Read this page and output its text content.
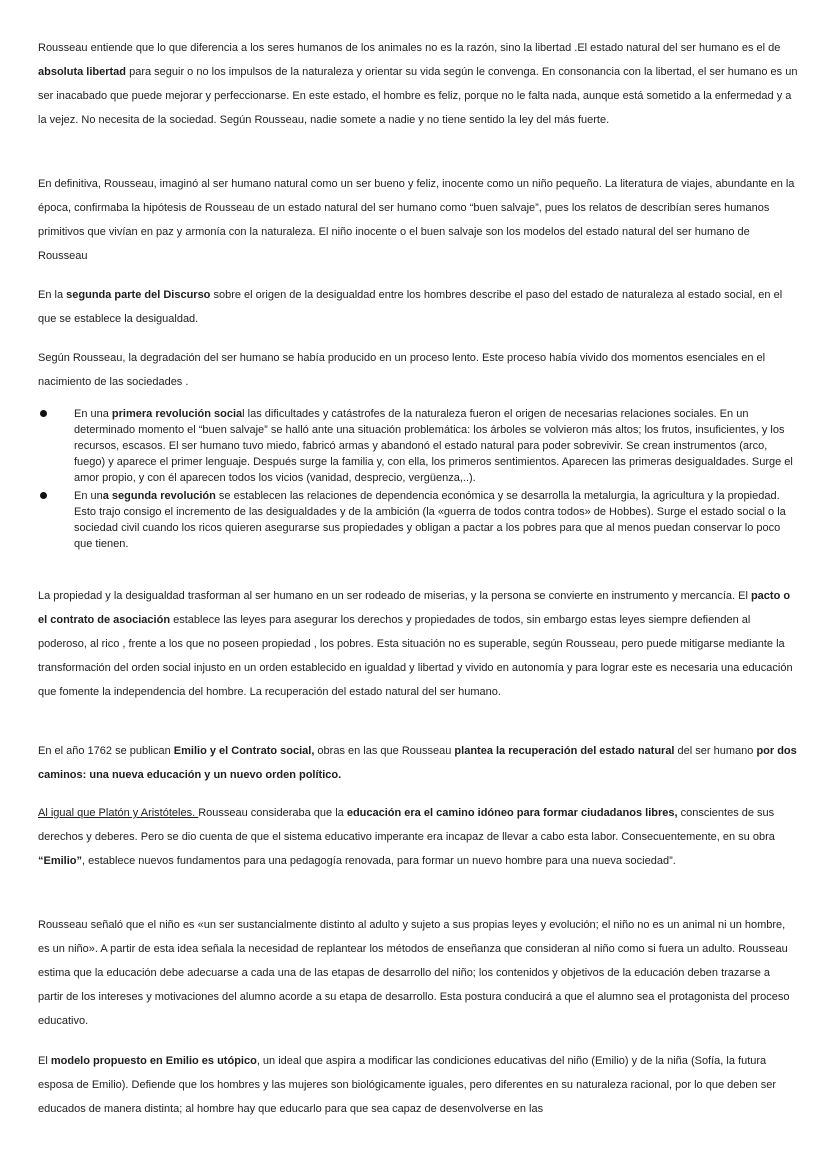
Rousseau entiende que lo que diferencia a los seres humanos de los animales no es la razón, sino la libertad .El estado natural del ser humano es el de absoluta libertad para seguir o no los impulsos de la naturaleza y orientar su vida según le convenga. En consonancia con la libertad, el ser humano es un ser inacabado que puede mejorar y perfeccionarse. En este estado, el hombre es feliz, porque no le falta nada, aunque está sometido a la enfermedad y a la vejez. No necesita de la sociedad. Según Rousseau, nadie somete a nadie y no tiene sentido la ley del más fuerte.

En definitiva, Rousseau, imaginó al ser humano natural como un ser bueno y feliz, inocente como un niño pequeño. La literatura de viajes, abundante en la época, confirmaba la hipótesis de Rousseau de un estado natural del ser humano como “buen salvaje”, pues los relatos de describían seres humanos primitivos que vivían en paz y armonía con la naturaleza. El niño inocente o el buen salvaje son los modelos del estado natural del ser humano de Rousseau

En la segunda parte del Discurso sobre el origen de la desigualdad entre los hombres describe el paso del estado de naturaleza al estado social, en el que se establece la desigualdad.

Según Rousseau, la degradación del ser humano se había producido en un proceso lento. Este proceso había vivido dos momentos esenciales en el nacimiento de las sociedades .

En una primera revolución social las dificultades y catástrofes de la naturaleza fueron el origen de necesarias relaciones sociales. En un determinado momento el “buen salvaje” se halló ante una situación problemática: los árboles se volvieron más altos; los frutos, insuficientes, y los recursos, escasos. El ser humano tuvo miedo, fabricó armas y abandonó el estado natural para poder sobrevivir. Se crean instrumentos (arco, fuego) y aparece el primer lenguaje. Después surge la familia y, con ella, los primeros sentimientos. Aparecen las primeras desigualdades. Surge el amor propio, y con él aparecen todos los vicios (vanidad, desprecio, vergüenza,..).
En una segunda revolución se establecen las relaciones de dependencia económica y se desarrolla la metalurgia, la agricultura y la propiedad. Esto trajo consigo el incremento de las desigualdades y de la ambición (la «guerra de todos contra todos» de Hobbes). Surge el estado social o la sociedad civil cuando los ricos quieren asegurarse sus propiedades y obligan a pactar a los pobres para que al menos puedan conservar lo poco que tienen.

La propiedad y la desigualdad trasforman al ser humano en un ser rodeado de miserias, y la persona se convierte en instrumento y mercancía. El pacto o el contrato de asociación establece las leyes para asegurar los derechos y propiedades de todos, sin embargo estas leyes siempre defienden al poderoso, al rico , frente a los que no poseen propiedad , los pobres. Esta situación no es superable, según Rousseau, pero puede mitigarse mediante la transformación del orden social injusto en un orden establecido en igualdad y libertad y vivido en autonomía y para lograr este es necesaria una educación que fomente la independencia del hombre. La recuperación del estado natural del ser humano.

En el año 1762 se publican Emilio y el Contrato social, obras en las que Rousseau plantea la recuperación del estado natural del ser humano por dos caminos: una nueva educación y un nuevo orden político.

Al igual que Platón y Aristóteles. Rousseau consideraba que la educación era el camino idóneo para formar ciudadanos libres, conscientes de sus derechos y deberes. Pero se dio cuenta de que el sistema educativo imperante era incapaz de llevar a cabo esta labor. Consecuentemente, en su obra “Emilio”, establece nuevos fundamentos para una pedagogía renovada, para formar un nuevo hombre para una nueva sociedad”.

Rousseau señaló que el niño es «un ser sustancialmente distinto al adulto y sujeto a sus propias leyes y evolución; el niño no es un animal ni un hombre, es un niño». A partir de esta idea señala la necesidad de replantear los métodos de enseñanza que consideran al niño como si fuera un adulto. Rousseau estima que la educación debe adecuarse a cada una de las etapas de desarrollo del niño; los contenidos y objetivos de la educación deben trazarse a partir de los intereses y motivaciones del alumno acorde a su etapa de desarrollo. Esta postura conducirá a que el alumno sea el protagonista del proceso educativo.

El modelo propuesto en Emilio es utópico, un ideal que aspira a modificar las condiciones educativas del niño (Emilio) y de la niña (Sofía, la futura esposa de Emilio). Defiende que los hombres y las mujeres son biológicamente iguales, pero diferentes en su naturaleza racional, por lo que deben ser educados de manera distinta; al hombre hay que educarlo para que sea capaz de desenvolverse en las
